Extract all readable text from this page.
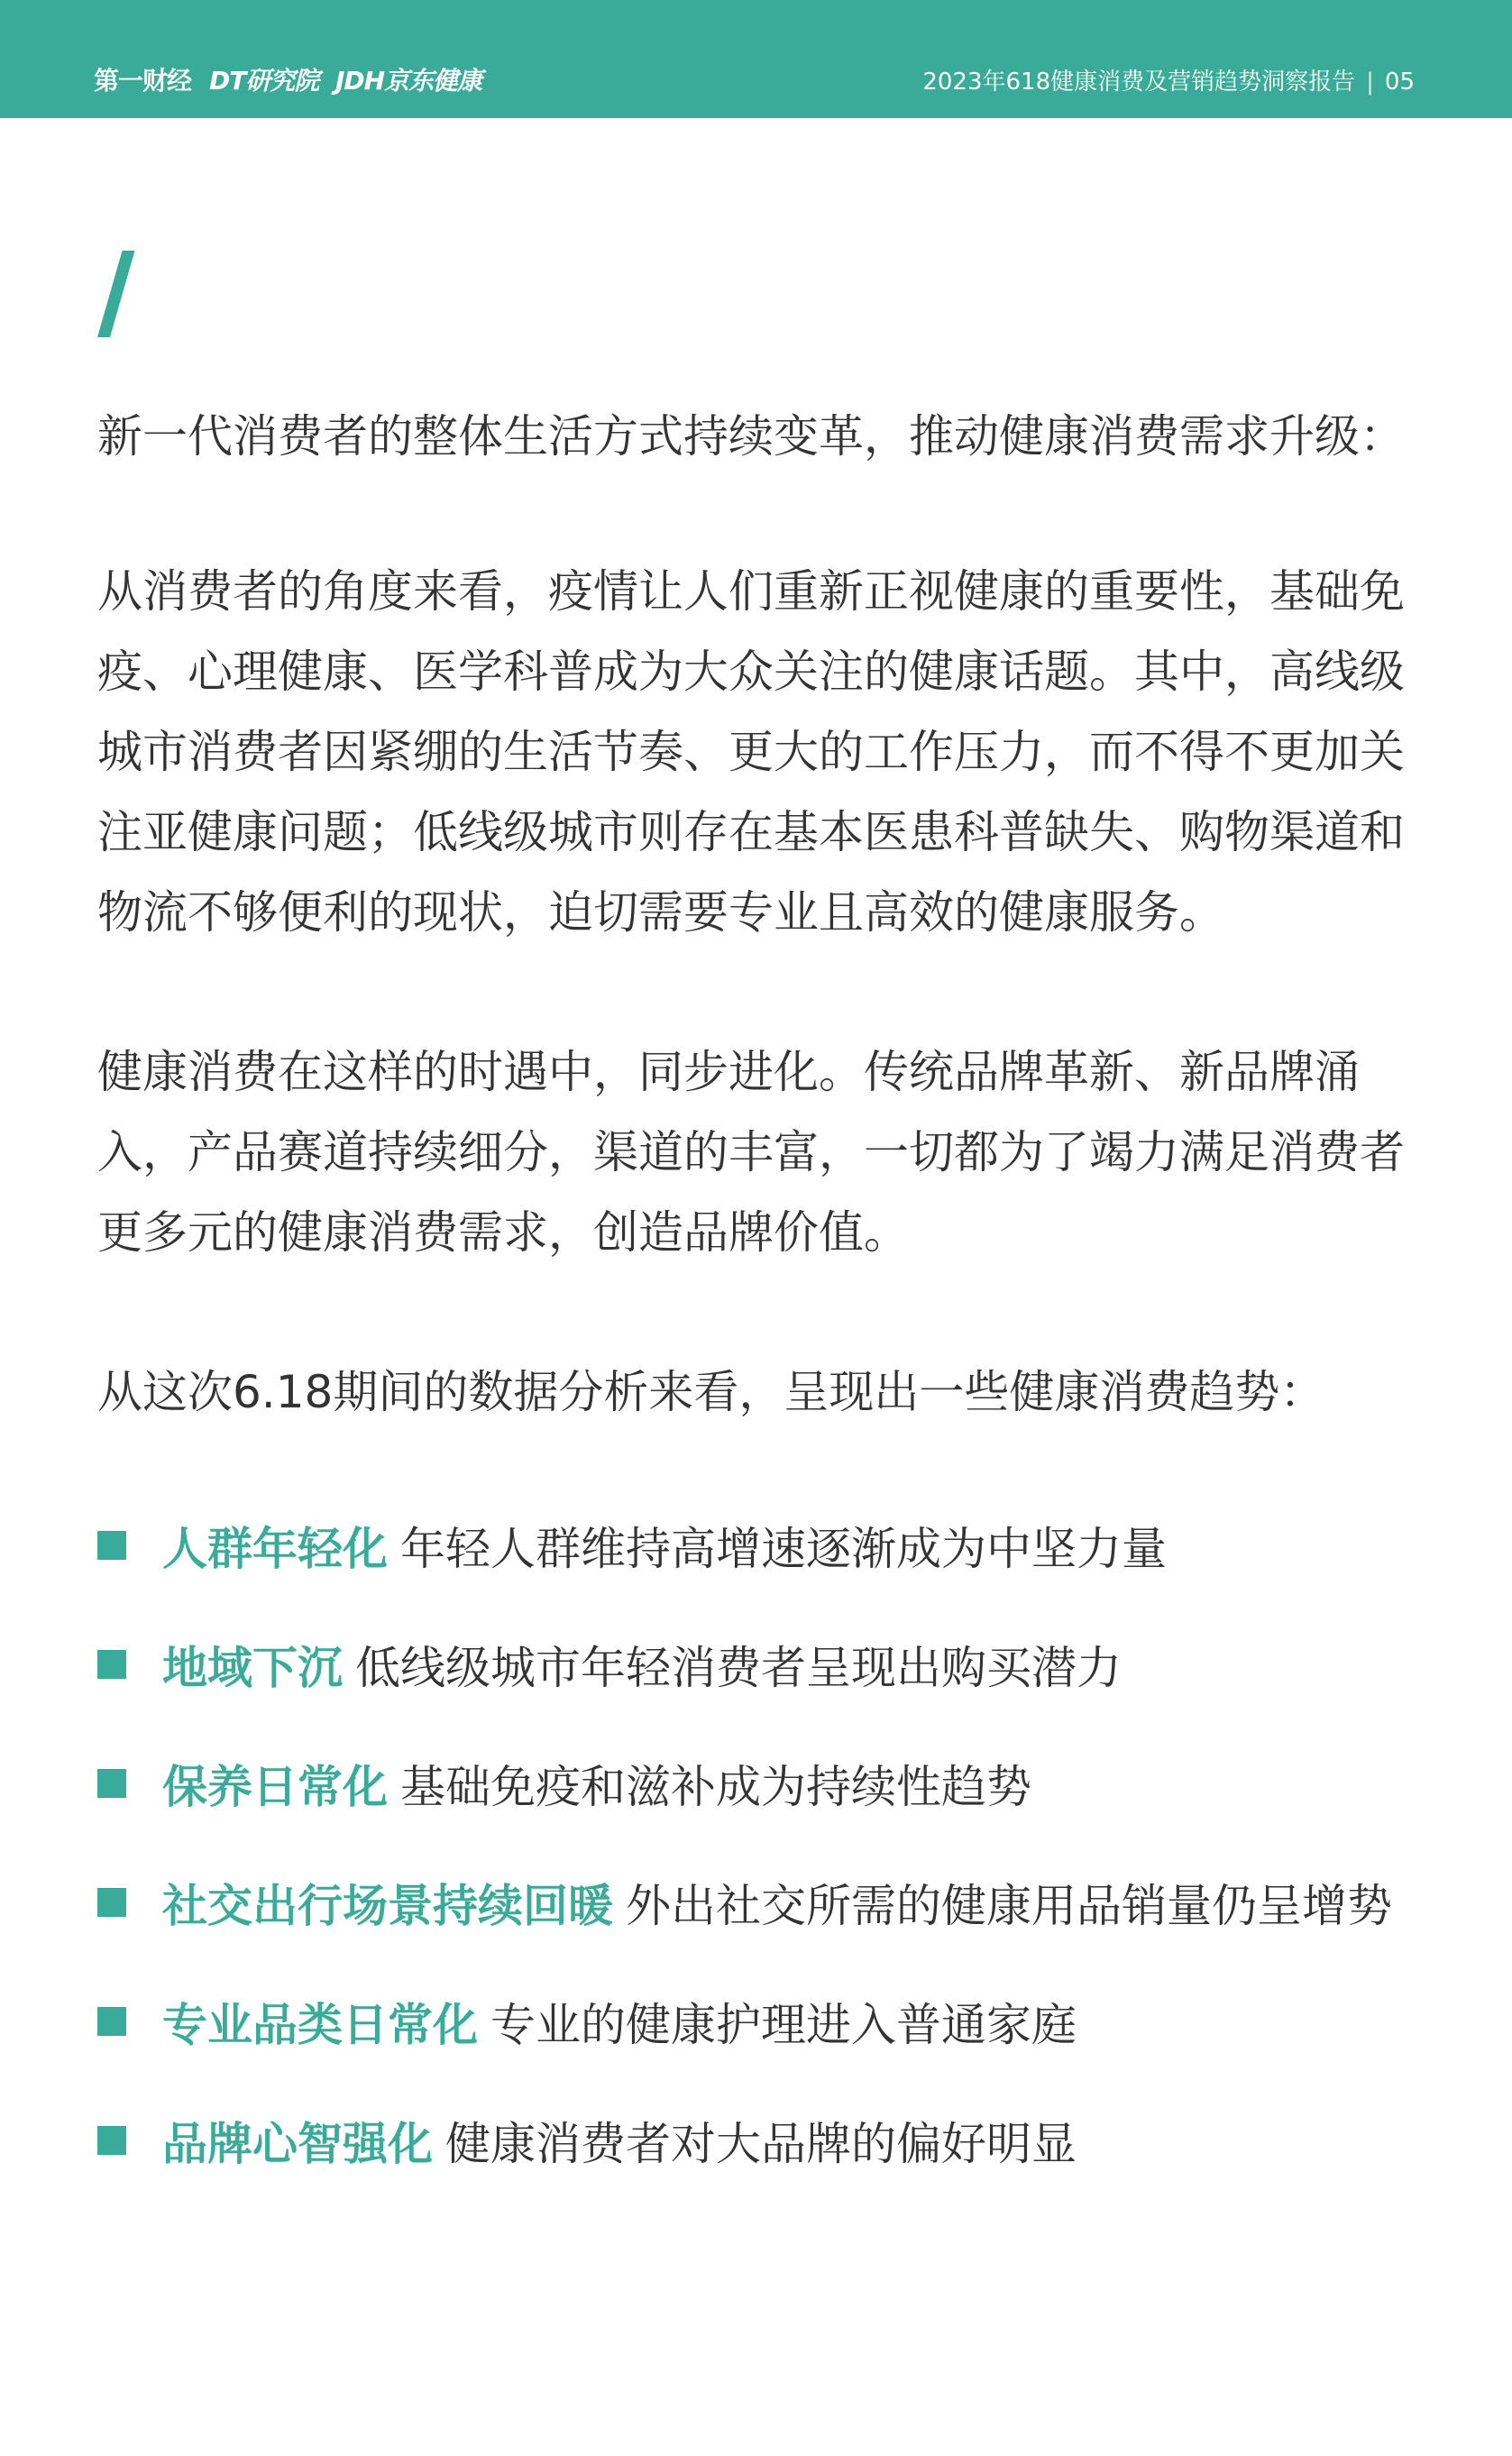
第一财经 DT研究院 JDH京东健康	2023年618健康消费及营销趋势洞察报告 | 05

新一代消费者的整体生活方式持续变革，推动健康消费需求升级：

从消费者的角度来看，疫情让人们重新正视健康的重要性，基础免疫、心理健康、医学科普成为大众关注的健康话题。其中，高线级城市消费者因紧绷的生活节奏、更大的工作压力，而不得不更加关注亚健康问题；低线级城市则存在基本医患科普缺失、购物渠道和物流不够便利的现状，迫切需要专业且高效的健康服务。

健康消费在这样的时遇中，同步进化。传统品牌革新、新品牌涌入，产品赛道持续细分，渠道的丰富，一切都为了竭力满足消费者更多元的健康消费需求，创造品牌价值。

从这次6.18期间的数据分析来看，呈现出一些健康消费趋势：

人群年轻化 年轻人群维持高增速逐渐成为中坚力量
地域下沉 低线级城市年轻消费者呈现出购买潜力
保养日常化 基础免疫和滋补成为持续性趋势
社交出行场景持续回暖 外出社交所需的健康用品销量仍呈增势
专业品类日常化 专业的健康护理进入普通家庭
品牌心智强化 健康消费者对大品牌的偏好明显
